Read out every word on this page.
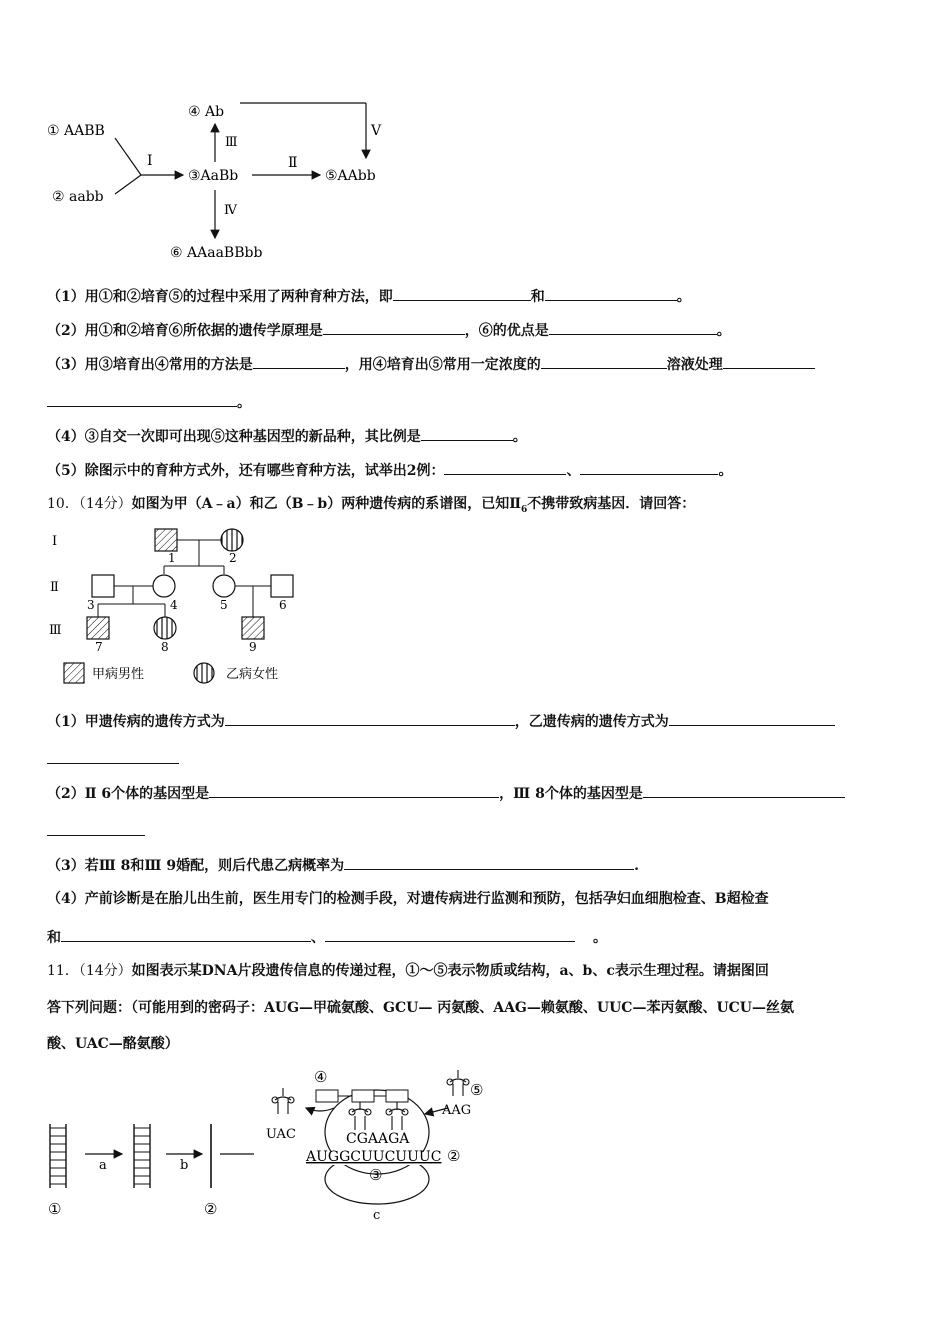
① AABB
② aabb
Ⅰ
③AaBb
④ Ab
Ⅲ
Ⅱ
⑤AAbb
Ⅴ
Ⅳ
⑥ AAaaBBbb
（1）用①和②培育⑤的过程中采用了两种育种方法，即	和	。
（2）用①和②培育⑥所依据的遗传学原理是	，⑥的优点是	。
（3）用③培育出④常用的方法是	，用④培育出⑤常用一定浓度的	溶液处理
。
（4）③自交一次即可出现⑤这种基因型的新品种，其比例是	。
（5）除图示中的育种方式外，还有哪些育种方法，试举出2例：	、	。
10．（14分）如图为甲（A﹣a）和乙（B﹣b）两种遗传病的系谱图，已知$Ⅱ_6$不携带致病基因．请回答：
Ⅰ
Ⅱ
Ⅲ
1	2
3	4	5	6
7	8	9
甲病男性	乙病女性
（1）甲遗传病的遗传方式为	，乙遗传病的遗传方式为
（2）Ⅱ 6个体的基因型是	，Ⅲ 8个体的基因型是
（3）若Ⅲ 8和Ⅲ 9婚配，则后代患乙病概率为	.
（4）产前诊断是在胎儿出生前，医生用专门的检测手段，对遗传病进行监测和预防，包括孕妇血细胞检查、B超检查
和	、	。
11．（14分）如图表示某DNA片段遗传信息的传递过程，①～⑤表示物质或结构，a、b、c表示生理过程。请据图回
答下列问题：（可能用到的密码子：AUG—甲硫氨酸、GCU— 丙氨酸、AAG—赖氨酸、UUC—苯丙氨酸、UCU—丝氨
酸、UAC—酪氨酸）
a	b
①	②
④
UAC
⑤
AAG
CGAAGA
AUGGCUUCUUUC ②
③
c
